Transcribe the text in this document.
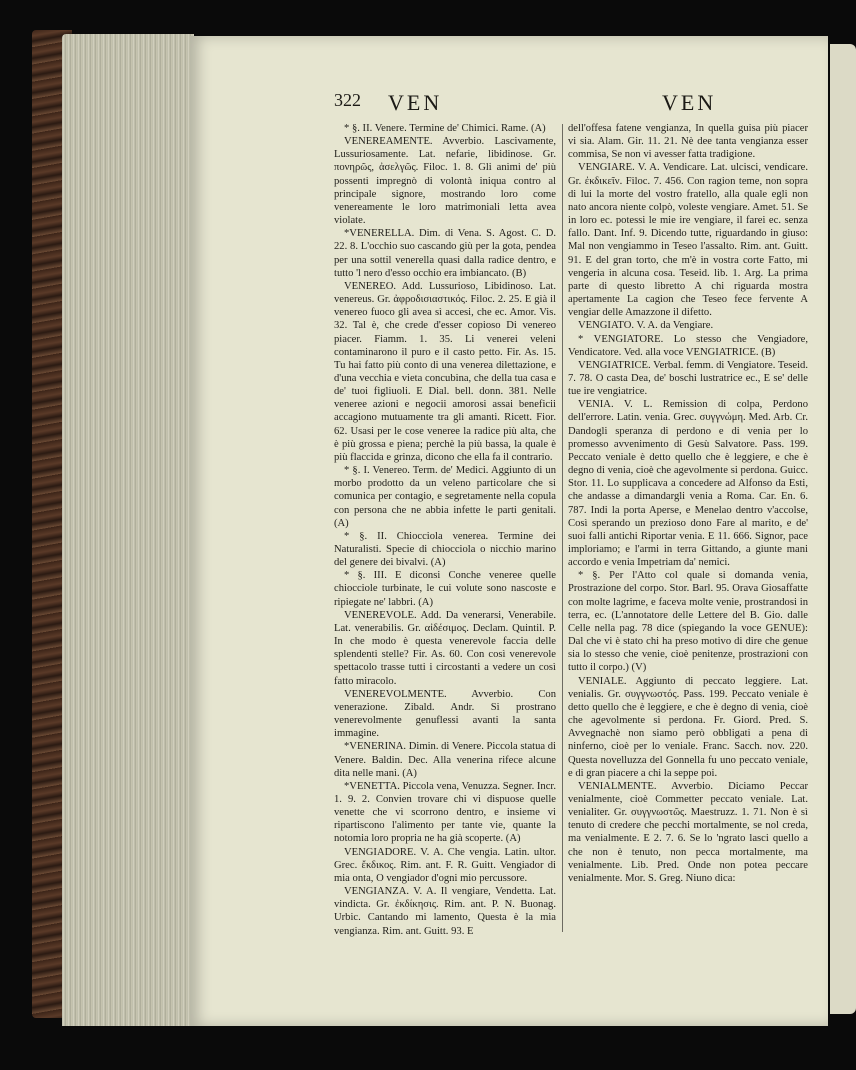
322 VEN	VEN

* §. II. Venere. Termine de' Chimici. Rame. (A)

VENEREAMENTE. Avverbio. Lascivamente, Lussuriosamente. Lat. nefarie, libidinose. Gr. πονηρῶς, ἀσελγῶς. Filoc. 1. 8. Gli animi de' più possenti impregnò di volontà iniqua contro al principale signore, mostrando loro come venereamente le loro matrimoniali letta avea violate.

*VENERELLA. Dim. di Vena. S. Agost. C. D. 22. 8. L'occhio suo cascando giù per la gota, pendea per una sottil venerella quasi dalla radice dentro, e tutto 'l nero d'esso occhio era imbiancato. (B)

VENEREO. Add. Lussurioso, Libidinoso. Lat. venereus. Gr. ἀφροδισιαστικός. Filoc. 2. 25. E già il venereo fuoco gli avea sì accesi, che ec. Amor. Vis. 32. Tal è, che crede d'esser copioso Di venereo piacer. Fiamm. 1. 35. Li venerei veleni contaminarono il puro e il casto petto. Fir. As. 15. Tu hai fatto più conto di una venerea dilettazione, e d'una vecchia e vieta concubina, che della tua casa e de' tuoi figliuoli. E Dial. bell. donn. 381. Nelle veneree azioni e negocii amorosi assai beneficii accagiono mutuamente tra gli amanti. Ricett. Fior. 62. Usasi per le cose veneree la radice più alta, che è più grossa e piena; perchè la più bassa, la quale è più flaccida e grinza, dicono che ella fa il contrario.

* §. I. Venereo. Term. de' Medici. Aggiunto di un morbo prodotto da un veleno particolare che si comunica per contagio, e segretamente nella copula con persona che ne abbia infette le parti genitali. (A)

* §. II. Chiocciola venerea. Termine dei Naturalisti. Specie di chiocciola o nicchio marino del genere dei bivalvi. (A)

* §. III. E diconsi Conche veneree quelle chiocciole turbinate, le cui volute sono nascoste e ripiegate ne' labbri. (A)

VENEREVOLE. Add. Da venerarsi, Venerabile. Lat. venerabilis. Gr. αἰδέσιμος. Declam. Quintil. P. In che modo è questa venerevole faccia delle splendenti stelle? Fir. As. 60. Con così venerevole spettacolo trasse tutti i circostanti a vedere un così fatto miracolo.

VENEREVOLMENTE. Avverbio. Con venerazione. Zibald. Andr. Si prostrano venerevolmente genuflessi avanti la santa immagine.

*VENERINA. Dimin. di Venere. Piccola statua di Venere. Baldin. Dec. Alla venerina rifece alcune dita nelle mani. (A)

*VENETTA. Piccola vena, Venuzza. Segner. Incr. 1. 9. 2. Convien trovare chi vi dispuose quelle venette che vi scorrono dentro, e insieme vi ripartiscono l'alimento per tante vie, quante la notomia loro propria ne ha già scoperte. (A)

VENGIADORE. V. A. Che vengia. Latin. ultor. Grec. ἔκδικος. Rim. ant. F. R. Guitt. Vengiador di mia onta, O vengiador d'ogni mio percussore.

VENGIANZA. V. A. Il vengiare, Vendetta. Lat. vindicta. Gr. ἐκδίκησις. Rim. ant. P. N. Buonag. Urbic. Cantando mi lamento, Questa è la mia vengianza. Rim. ant. Guitt. 93. E

dell'offesa fatene vengianza, In quella guisa più piacer vi sia. Alam. Gir. 11. 21. Nè dee tanta vengianza esser commisa, Se non vi avesser fatta tradigione.

VENGIARE. V. A. Vendicare. Lat. ulcisci, vendicare. Gr. ἐκδικεῖν. Filoc. 7. 456. Con ragion teme, non sopra di lui la morte del vostro fratello, alla quale egli non nato ancora niente colpò, voleste vengiare. Amet. 51. Se in loro ec. potessi le mie ire vengiare, il farei ec. senza fallo. Dant. Inf. 9. Dicendo tutte, riguardando in giuso: Mal non vengiammo in Teseo l'assalto. Rim. ant. Guitt. 91. E del gran torto, che m'è in vostra corte Fatto, mi vengeria in alcuna cosa. Teseid. lib. 1. Arg. La prima parte di questo libretto A chi riguarda mostra apertamente La cagion che Teseo fece fervente A vengiar delle Amazzone il difetto.

VENGIATO. V. A. da Vengiare.

* VENGIATORE. Lo stesso che Vengiadore, Vendicatore. Ved. alla voce VENGIATRICE. (B)

VENGIATRICE. Verbal. femm. di Vengiatore. Teseid. 7. 78. O casta Dea, de' boschi lustratrice ec., E se' delle tue ire vengiatrice.

VENIA. V. L. Remission di colpa, Perdono dell'errore. Latin. venia. Grec. συγγνώμη. Med. Arb. Cr. Dandogli speranza di perdono e di venia per lo promesso avvenimento di Gesù Salvatore. Pass. 199. Peccato veniale è detto quello che è leggiere, e che è degno di venia, cioè che agevolmente si perdona. Guicc. Stor. 11. Lo supplicava a concedere ad Alfonso da Esti, che andasse a dimandargli venia a Roma. Car. En. 6. 787. Indi la porta Aperse, e Menelao dentro v'accolse, Così sperando un prezioso dono Fare al marito, e de' suoi falli antichi Riportar venia. E 11. 666. Signor, pace imploriamo; e l'armi in terra Gittando, a giunte mani accordo e venia Impetriam da' nemici.

* §. Per l'Atto col quale si domanda venia, Prostrazione del corpo. Stor. Barl. 95. Orava Giosaffatte con molte lagrime, e faceva molte venie, prostrandosi in terra, ec. (L'annotatore delle Lettere del B. Gio. dalle Celle nella pag. 78 dice (spiegando la voce GENUE): Dal che vi è stato chi ha preso motivo di dire che genue sia lo stesso che venie, cioè penitenze, prostrazioni con tutto il corpo.) (V)

VENIALE. Aggiunto di peccato leggiere. Lat. venialis. Gr. συγγνωστός. Pass. 199. Peccato veniale è detto quello che è leggiere, e che è degno di venia, cioè che agevolmente si perdona. Fr. Giord. Pred. S. Avvegnachè non siamo però obbligati a pena di ninferno, cioè per lo veniale. Franc. Sacch. nov. 220. Questa novelluzza del Gonnella fu uno peccato veniale, e di gran piacere a chi la seppe poi.

VENIALMENTE. Avverbio. Diciamo Peccar venialmente, cioè Commetter peccato veniale. Lat. venialiter. Gr. συγγνωστῶς. Maestruzz. 1. 71. Non è sì tenuto di credere che pecchi mortalmente, se nol creda, ma venialmente. E 2. 7. 6. Se lo 'ngrato lasci quello a che non è tenuto, non pecca mortalmente, ma venialmente. Lib. Pred. Onde non potea peccare venialmente. Mor. S. Greg. Niuno dica:
